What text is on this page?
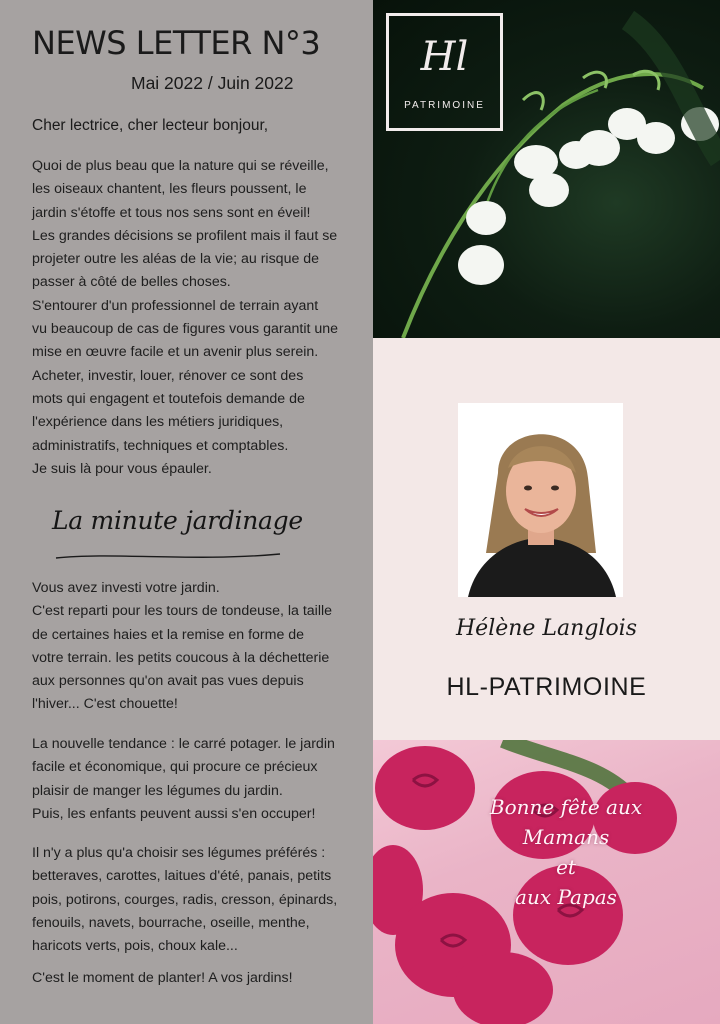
NEWS LETTER N°3
Mai 2022 / Juin 2022
Cher lectrice, cher lecteur bonjour,

Quoi de plus beau que la nature qui se réveille,
les oiseaux chantent, les fleurs poussent, le
jardin s'étoffe et tous nos sens sont en éveil!
Les grandes décisions se profilent mais il faut se
projeter outre les aléas de la vie; au risque de
passer à côté de belles choses.
S'entourer d'un professionnel de terrain ayant
vu beaucoup de cas de figures vous garantit une
mise en œuvre facile et un avenir plus serein.
Acheter, investir, louer, rénover ce sont des
mots qui engagent et toutefois demande de
l'expérience dans les métiers juridiques,
administratifs, techniques et comptables.
Je suis là pour vous épauler.

La minute jardinage

Vous avez investi votre jardin.
C'est reparti pour les tours de tondeuse, la taille
de certaines haies et la remise en forme de
votre terrain. les petits coucous à la déchetterie
aux personnes qu'on avait pas vues depuis
l'hiver... C'est chouette!

La nouvelle tendance : le carré potager. le jardin
facile et économique, qui procure ce précieux
plaisir de manger les légumes du jardin.
Puis, les enfants peuvent aussi s'en occuper!

Il n'y a plus qu'a choisir ses légumes préférés :
betteraves, carottes, laitues d'été, panais, petits
pois, potirons, courges, radis, cresson, épinards,
fenouils, navets, bourrache, oseille, menthe,
haricots verts, pois, choux kale...

C'est le moment de planter! A vos jardins!

Hl
PATRIMOINE
Hélène Langlois
HL-PATRIMOINE
Bonne fête aux
Mamans
et
aux Papas
